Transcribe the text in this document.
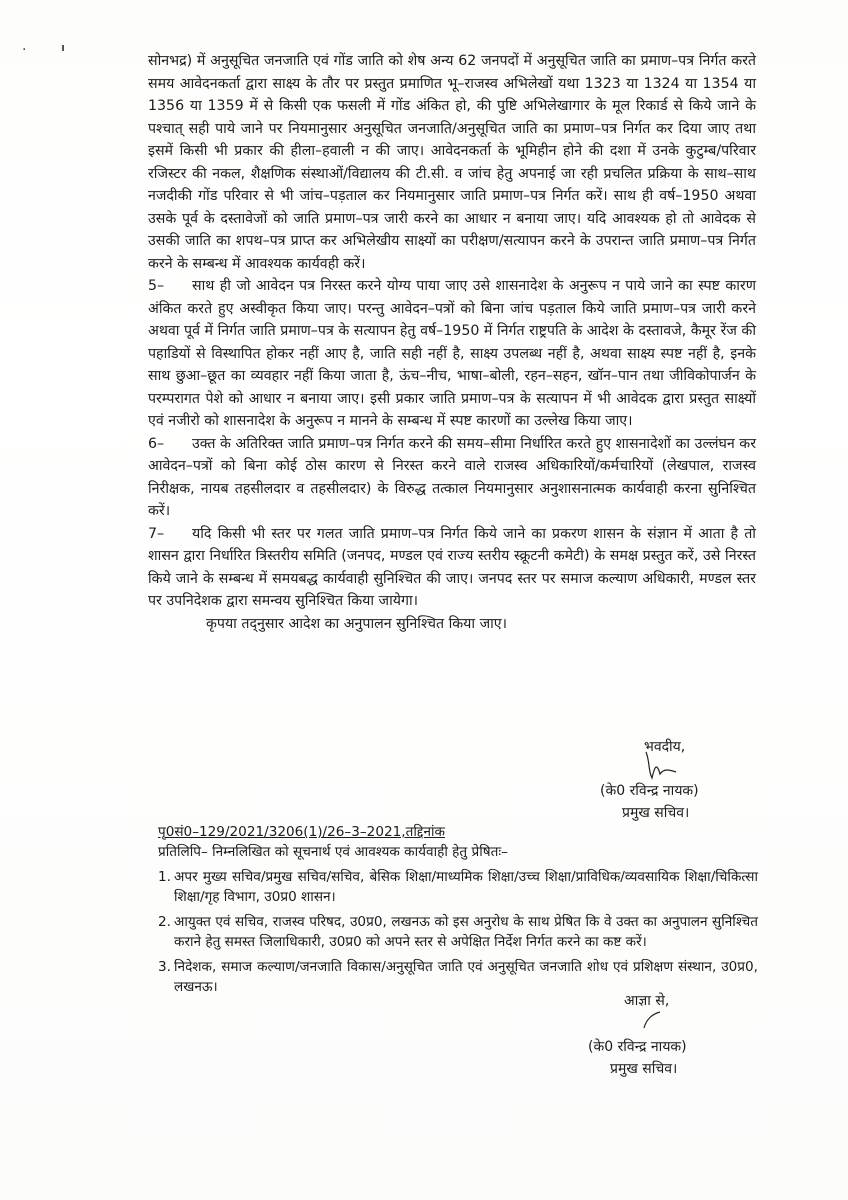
.

सोनभद्र) में अनुसूचित जनजाति एवं गोंड जाति को शेष अन्य 62 जनपदों में अनुसूचित जाति का प्रमाण–पत्र निर्गत करते समय आवेदनकर्ता द्वारा साक्ष्य के तौर पर प्रस्तुत प्रमाणित भू–राजस्व अभिलेखों यथा 1323 या 1324 या 1354 या 1356 या 1359 में से किसी एक फसली में गोंड अंकित हो, की पुष्टि अभिलेखागार के मूल रिकार्ड से किये जाने के पश्चात् सही पाये जाने पर नियमानुसार अनुसूचित जनजाति/अनुसूचित जाति का प्रमाण–पत्र निर्गत कर दिया जाए तथा इसमें किसी भी प्रकार की हीला–हवाली न की जाए। आवेदनकर्ता के भूमिहीन होने की दशा में उनके कुटुम्ब/परिवार रजिस्टर की नकल, शैक्षणिक संस्थाओं/विद्यालय की टी.सी. व जांच हेतु अपनाई जा रही प्रचलित प्रक्रिया के साथ–साथ नजदीकी गोंड परिवार से भी जांच–पड़ताल कर नियमानुसार जाति प्रमाण–पत्र निर्गत करें। साथ ही वर्ष–1950 अथवा उसके पूर्व के दस्तावेजों को जाति प्रमाण–पत्र जारी करने का आधार न बनाया जाए। यदि आवश्यक हो तो आवेदक से उसकी जाति का शपथ–पत्र प्राप्त कर अभिलेखीय साक्ष्यों का परीक्षण/सत्यापन करने के उपरान्त जाति प्रमाण–पत्र निर्गत करने के सम्बन्ध में आवश्यक कार्यवही करें।

5– साथ ही जो आवेदन पत्र निरस्त करने योग्य पाया जाए उसे शासनादेश के अनुरूप न पाये जाने का स्पष्ट कारण अंकित करते हुए अस्वीकृत किया जाए। परन्तु आवेदन–पत्रों को बिना जांच पड़ताल किये जाति प्रमाण–पत्र जारी करने अथवा पूर्व में निर्गत जाति प्रमाण–पत्र के सत्यापन हेतु वर्ष–1950 में निर्गत राष्ट्रपति के आदेश के दस्तावजे, कैमूर रेंज की पहाडियों से विस्थापित होकर नहीं आए है, जाति सही नहीं है, साक्ष्य उपलब्ध नहीं है, अथवा साक्ष्य स्पष्ट नहीं है, इनके साथ छुआ–छूत का व्यवहार नहीं किया जाता है, ऊंच–नीच, भाषा–बोली, रहन–सहन, खॉन–पान तथा जीविकोपार्जन के परम्परागत पेशे को आधार न बनाया जाए। इसी प्रकार जाति प्रमाण–पत्र के सत्यापन में भी आवेदक द्वारा प्रस्तुत साक्ष्यों एवं नजीरो को शासनादेश के अनुरूप न मानने के सम्बन्ध में स्पष्ट कारणों का उल्लेख किया जाए।

6– उक्त के अतिरिक्त जाति प्रमाण–पत्र निर्गत करने की समय–सीमा निर्धारित करते हुए शासनादेशों का उल्लंघन कर आवेदन–पत्रों को बिना कोई ठोस कारण से निरस्त करने वाले राजस्व अधिकारियों/कर्मचारियों (लेखपाल, राजस्व निरीक्षक, नायब तहसीलदार व तहसीलदार) के विरुद्ध तत्काल नियमानुसार अनुशासनात्मक कार्यवाही करना सुनिश्चित करें।

7– यदि किसी भी स्तर पर गलत जाति प्रमाण–पत्र निर्गत किये जाने का प्रकरण शासन के संज्ञान में आता है तो शासन द्वारा निर्धारित त्रिस्तरीय समिति (जनपद, मण्डल एवं राज्य स्तरीय स्क्रूटनी कमेटी) के समक्ष प्रस्तुत करें, उसे निरस्त किये जाने के सम्बन्ध में समयबद्ध कार्यवाही सुनिश्चित की जाए। जनपद स्तर पर समाज कल्याण अधिकारी, मण्डल स्तर पर उपनिदेशक द्वारा समन्वय सुनिश्चित किया जायेगा।

कृपया तद्नुसार आदेश का अनुपालन सुनिश्चित किया जाए।

भवदीय,
(के0 रविन्द्र नायक)
प्रमुख सचिव।
पृ0सं0–129/2021/3206(1)/26–3–2021,तद्दिनांक
प्रतिलिपि– निम्नलिखित को सूचनार्थ एवं आवश्यक कार्यवाही हेतु प्रेषितः–
1. अपर मुख्य सचिव/प्रमुख सचिव/सचिव, बेसिक शिक्षा/माध्यमिक शिक्षा/उच्च शिक्षा/प्राविधिक/व्यवसायिक शिक्षा/चिकित्सा शिक्षा/गृह विभाग, उ0प्र0 शासन।
2. आयुक्त एवं सचिव, राजस्व परिषद, उ0प्र0, लखनऊ को इस अनुरोध के साथ प्रेषित कि वे उक्त का अनुपालन सुनिश्चित कराने हेतु समस्त जिलाधिकारी, उ0प्र0 को अपने स्तर से अपेक्षित निर्देश निर्गत करने का कष्ट करें।
3. निदेशक, समाज कल्याण/जनजाति विकास/अनुसूचित जाति एवं अनुसूचित जनजाति शोध एवं प्रशिक्षण संस्थान, उ0प्र0, लखनऊ।
आज्ञा से,
(के0 रविन्द्र नायक)
प्रमुख सचिव।
